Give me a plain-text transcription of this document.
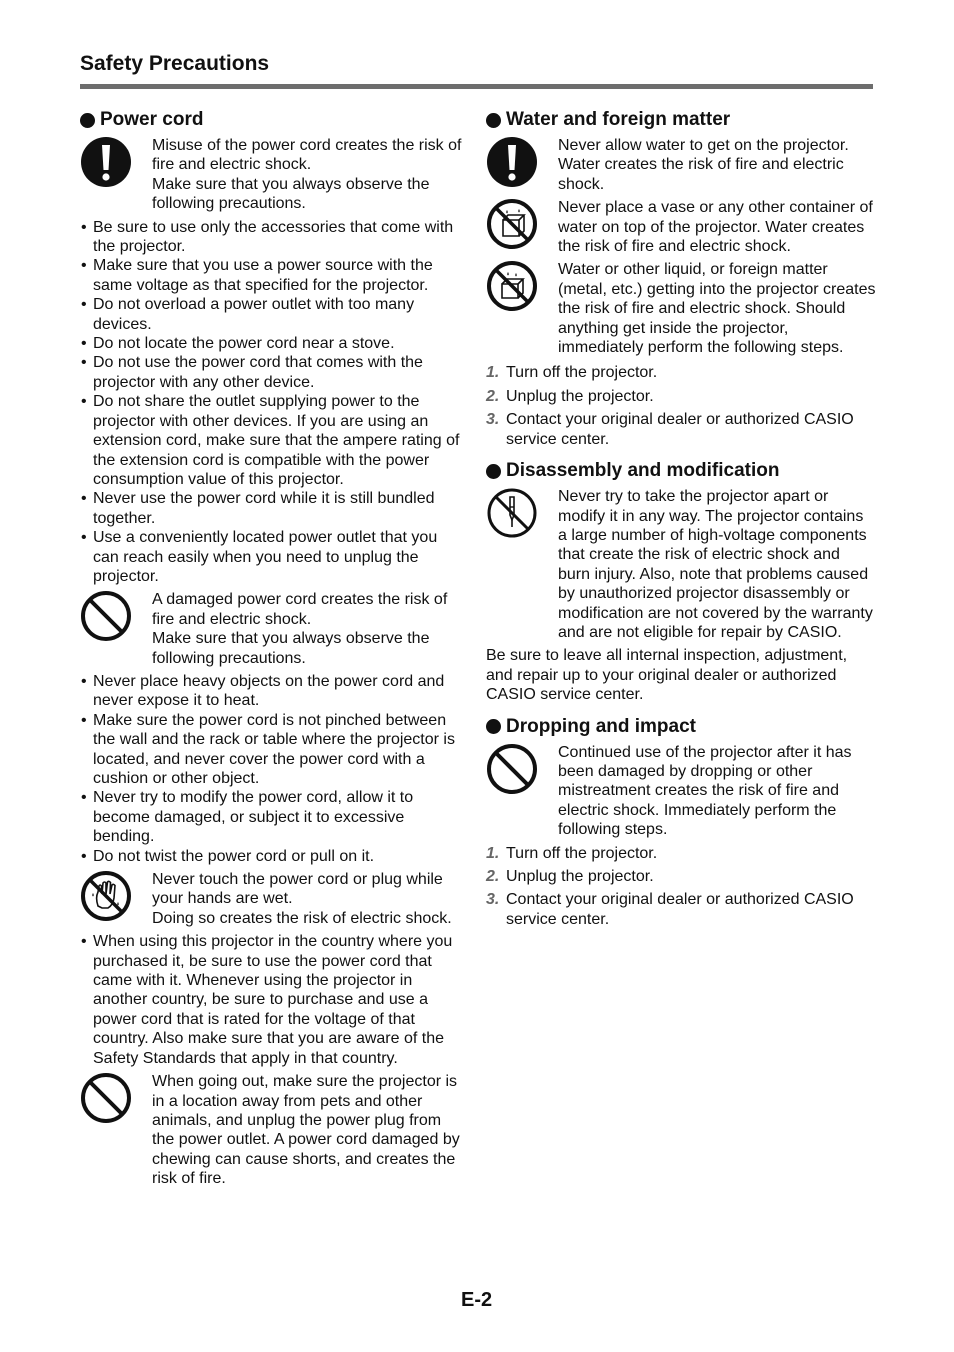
Safety Precautions
Power cord

Misuse of the power cord creates the risk of fire and electric shock.

Make sure that you always observe the following precautions.

• Be sure to use only the accessories that come with the projector.
• Make sure that you use a power source with the same voltage as that specified for the projector.
• Do not overload a power outlet with too many devices.
• Do not locate the power cord near a stove.
• Do not use the power cord that comes with the projector with any other device.
• Do not share the outlet supplying power to the projector with other devices. If you are using an extension cord, make sure that the ampere rating of the extension cord is compatible with the power consumption value of this projector.
• Never use the power cord while it is still bundled together.
• Use a conveniently located power outlet that you can reach easily when you need to unplug the projector.

A damaged power cord creates the risk of fire and electric shock.

Make sure that you always observe the following precautions.

• Never place heavy objects on the power cord and never expose it to heat.
• Make sure the power cord is not pinched between the wall and the rack or table where the projector is located, and never cover the power cord with a cushion or other object.
• Never try to modify the power cord, allow it to become damaged, or subject it to excessive bending.
• Do not twist the power cord or pull on it.

Never touch the power cord or plug while your hands are wet.

Doing so creates the risk of electric shock.

• When using this projector in the country where you purchased it, be sure to use the power cord that came with it. Whenever using the projector in another country, be sure to purchase and use a power cord that is rated for the voltage of that country. Also make sure that you are aware of the Safety Standards that apply in that country.

When going out, make sure the projector is in a location away from pets and other animals, and unplug the power plug from the power outlet. A power cord damaged by chewing can cause shorts, and creates the risk of fire.

Water and foreign matter

Never allow water to get on the projector. Water creates the risk of fire and electric shock.

Never place a vase or any other container of water on top of the projector. Water creates the risk of fire and electric shock.

Water or other liquid, or foreign matter (metal, etc.) getting into the projector creates the risk of fire and electric shock. Should anything get inside the projector, immediately perform the following steps.

1. Turn off the projector.
2. Unplug the projector.
3. Contact your original dealer or authorized CASIO service center.
Disassembly and modification

Never try to take the projector apart or modify it in any way. The projector contains a large number of high-voltage components that create the risk of electric shock and burn injury. Also, note that problems caused by unauthorized projector disassembly or modification are not covered by the warranty and are not eligible for repair by CASIO.

Be sure to leave all internal inspection, adjustment, and repair up to your original dealer or authorized CASIO service center.

Dropping and impact

Continued use of the projector after it has been damaged by dropping or other mistreatment creates the risk of fire and electric shock. Immediately perform the following steps.

1. Turn off the projector.
2. Unplug the projector.
3. Contact your original dealer or authorized CASIO service center.
E-2
